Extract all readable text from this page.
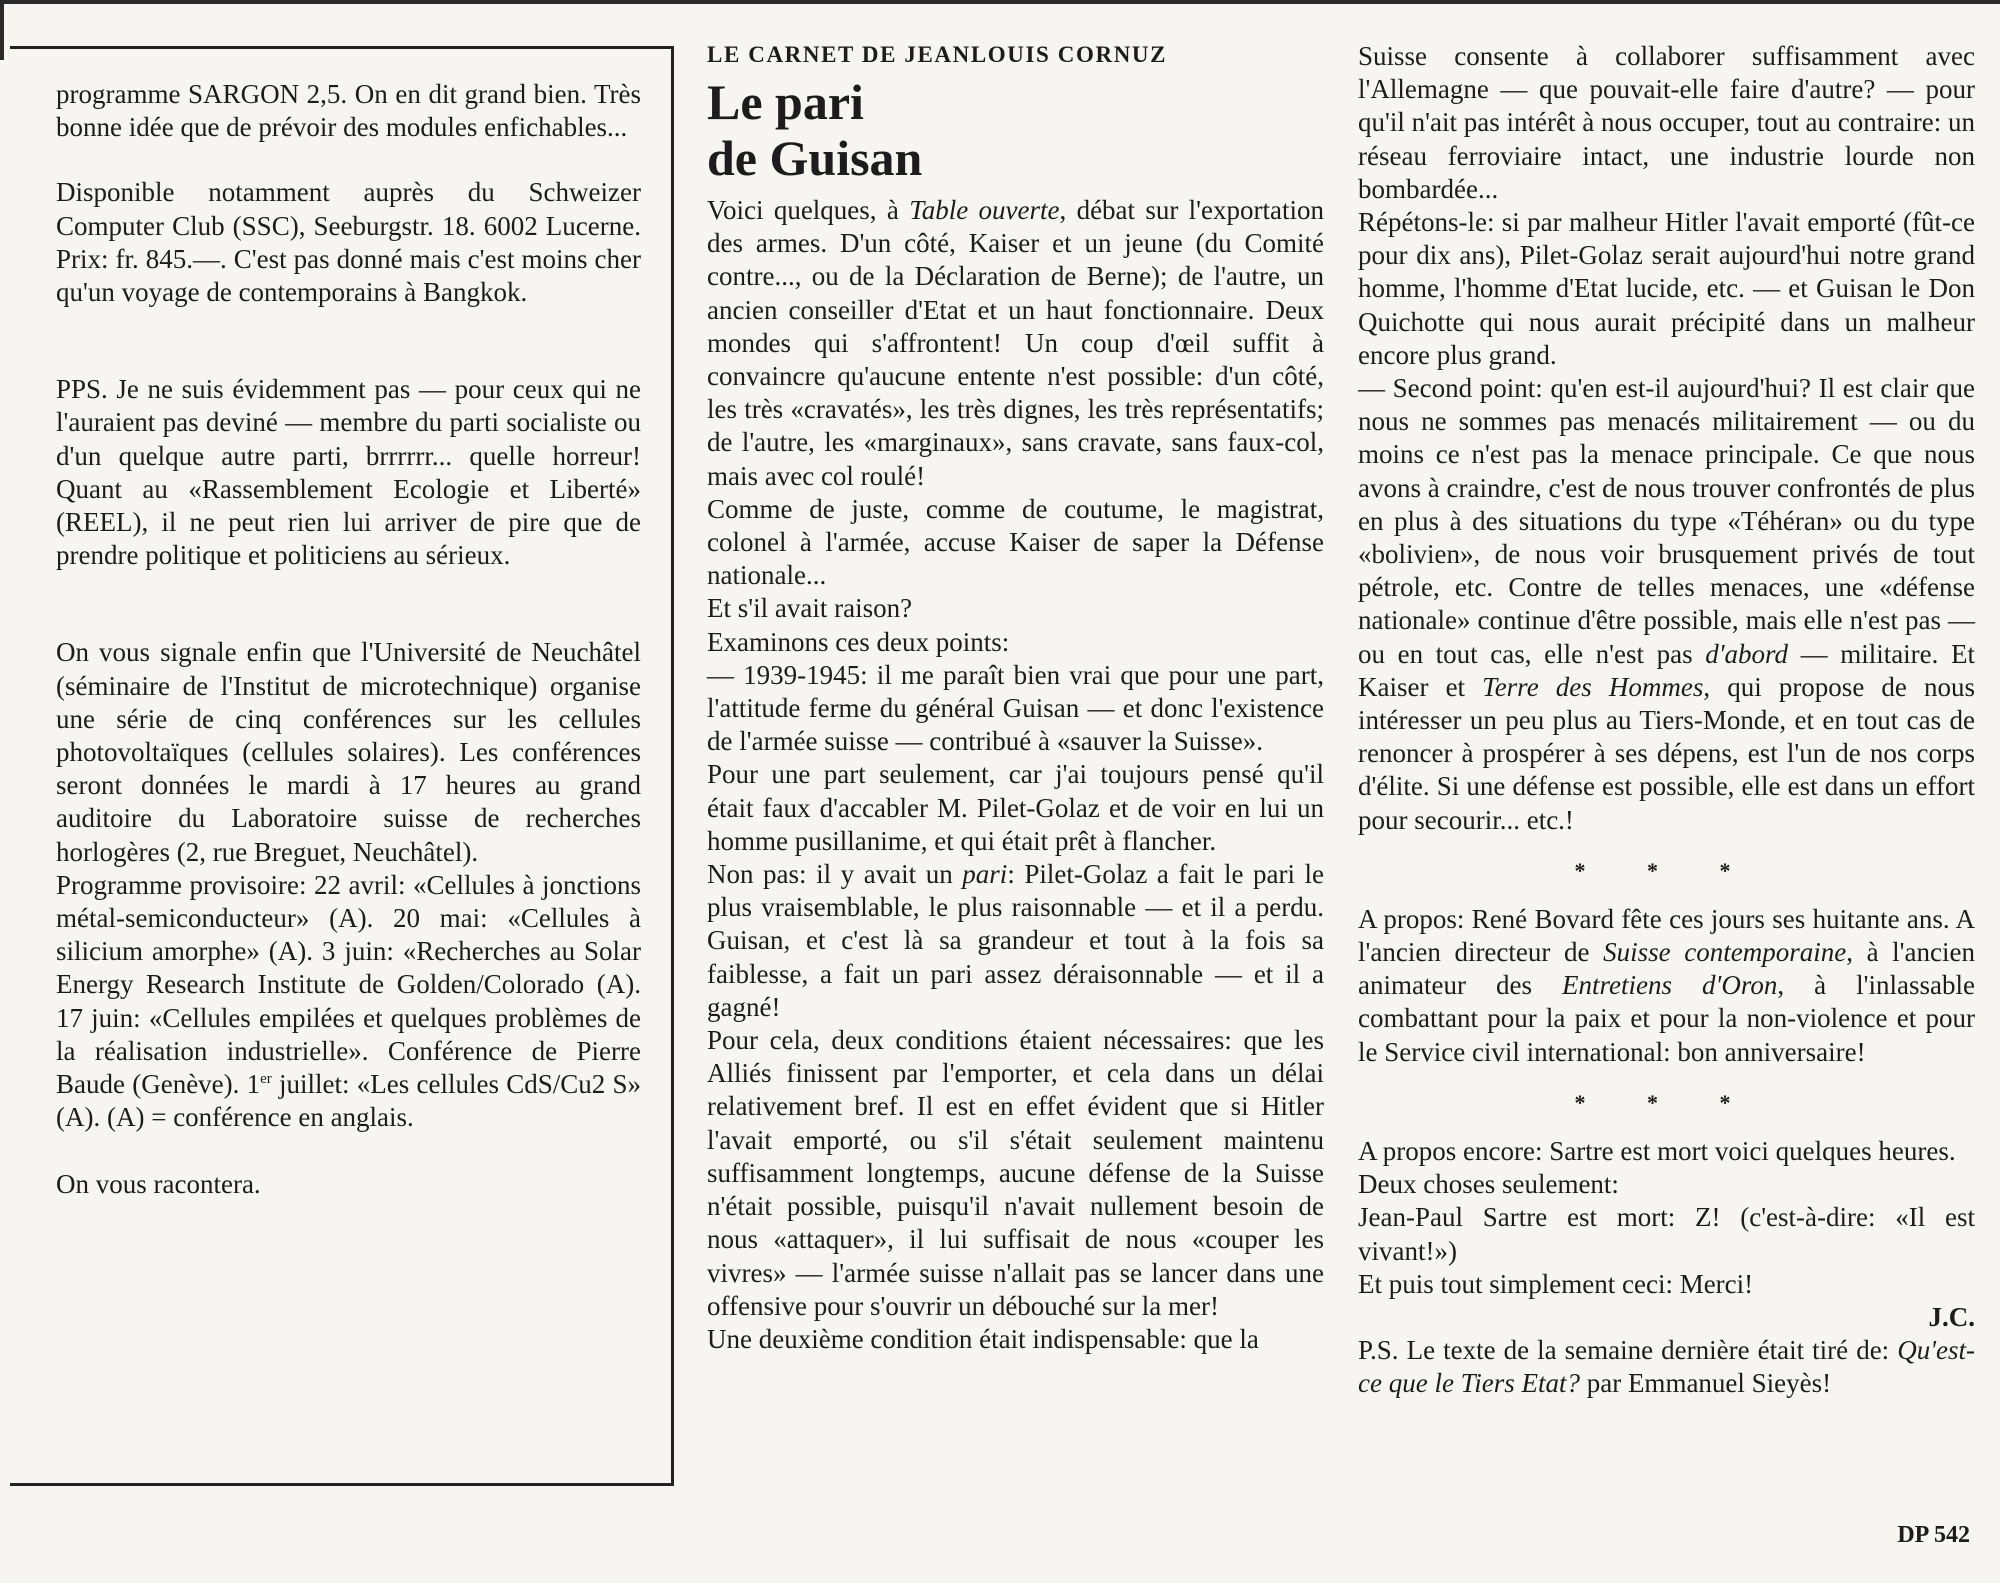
programme SARGON 2,5. On en dit grand bien. Très bonne idée que de prévoir des modules enfichables...

Disponible notamment auprès du Schweizer Computer Club (SSC), Seeburgstr. 18. 6002 Lucerne. Prix: fr. 845.—. C'est pas donné mais c'est moins cher qu'un voyage de contemporains à Bangkok.

PPS. Je ne suis évidemment pas — pour ceux qui ne l'auraient pas deviné — membre du parti socialiste ou d'un quelque autre parti, brrrrrr... quelle horreur! Quant au «Rassemblement Ecologie et Liberté» (REEL), il ne peut rien lui arriver de pire que de prendre politique et politiciens au sérieux.

On vous signale enfin que l'Université de Neuchâtel (séminaire de l'Institut de microtechnique) organise une série de cinq conférences sur les cellules photovoltaïques (cellules solaires). Les conférences seront données le mardi à 17 heures au grand auditoire du Laboratoire suisse de recherches horlogères (2, rue Breguet, Neuchâtel).

Programme provisoire: 22 avril: «Cellules à jonctions métal-semiconducteur» (A). 20 mai: «Cellules à silicium amorphe» (A). 3 juin: «Recherches au Solar Energy Research Institute de Golden/Colorado (A). 17 juin: «Cellules empilées et quelques problèmes de la réalisation industrielle». Conférence de Pierre Baude (Genève). 1er juillet: «Les cellules CdS/Cu2 S» (A). (A) = conférence en anglais.

On vous racontera.

LE CARNET DE JEANLOUIS CORNUZ
Le pari
de Guisan

Voici quelques, à Table ouverte, débat sur l'exportation des armes. D'un côté, Kaiser et un jeune (du Comité contre..., ou de la Déclaration de Berne); de l'autre, un ancien conseiller d'Etat et un haut fonctionnaire. Deux mondes qui s'affrontent! Un coup d'œil suffit à convaincre qu'aucune entente n'est possible: d'un côté, les très «cravatés», les très dignes, les très représentatifs; de l'autre, les «marginaux», sans cravate, sans faux-col, mais avec col roulé!

Comme de juste, comme de coutume, le magistrat, colonel à l'armée, accuse Kaiser de saper la Défense nationale...

Et s'il avait raison?

Examinons ces deux points:

— 1939-1945: il me paraît bien vrai que pour une part, l'attitude ferme du général Guisan — et donc l'existence de l'armée suisse — contribué à «sauver la Suisse».

Pour une part seulement, car j'ai toujours pensé qu'il était faux d'accabler M. Pilet-Golaz et de voir en lui un homme pusillanime, et qui était prêt à flancher.

Non pas: il y avait un pari: Pilet-Golaz a fait le pari le plus vraisemblable, le plus raisonnable — et il a perdu. Guisan, et c'est là sa grandeur et tout à la fois sa faiblesse, a fait un pari assez déraisonnable — et il a gagné!

Pour cela, deux conditions étaient nécessaires: que les Alliés finissent par l'emporter, et cela dans un délai relativement bref. Il est en effet évident que si Hitler l'avait emporté, ou s'il s'était seulement maintenu suffisamment longtemps, aucune défense de la Suisse n'était possible, puisqu'il n'avait nullement besoin de nous «attaquer», il lui suffisait de nous «couper les vivres» — l'armée suisse n'allait pas se lancer dans une offensive pour s'ouvrir un débouché sur la mer!

Une deuxième condition était indispensable: que la

Suisse consente à collaborer suffisamment avec l'Allemagne — que pouvait-elle faire d'autre? — pour qu'il n'ait pas intérêt à nous occuper, tout au contraire: un réseau ferroviaire intact, une industrie lourde non bombardée...

Répétons-le: si par malheur Hitler l'avait emporté (fût-ce pour dix ans), Pilet-Golaz serait aujourd'hui notre grand homme, l'homme d'Etat lucide, etc. — et Guisan le Don Quichotte qui nous aurait précipité dans un malheur encore plus grand.

— Second point: qu'en est-il aujourd'hui? Il est clair que nous ne sommes pas menacés militairement — ou du moins ce n'est pas la menace principale. Ce que nous avons à craindre, c'est de nous trouver confrontés de plus en plus à des situations du type «Téhéran» ou du type «bolivien», de nous voir brusquement privés de tout pétrole, etc. Contre de telles menaces, une «défense nationale» continue d'être possible, mais elle n'est pas — ou en tout cas, elle n'est pas d'abord — militaire. Et Kaiser et Terre des Hommes, qui propose de nous intéresser un peu plus au Tiers-Monde, et en tout cas de renoncer à prospérer à ses dépens, est l'un de nos corps d'élite. Si une défense est possible, elle est dans un effort pour secourir... etc.!

* * *

A propos: René Bovard fête ces jours ses huitante ans. A l'ancien directeur de Suisse contemporaine, à l'ancien animateur des Entretiens d'Oron, à l'inlassable combattant pour la paix et pour la non-violence et pour le Service civil international: bon anniversaire!

* * *

A propos encore: Sartre est mort voici quelques heures.

Deux choses seulement:

Jean-Paul Sartre est mort: Z! (c'est-à-dire: «Il est vivant!»)

Et puis tout simplement ceci: Merci!

J.C.

P.S. Le texte de la semaine dernière était tiré de: Qu'est-ce que le Tiers Etat? par Emmanuel Sieyès!

DP 542
